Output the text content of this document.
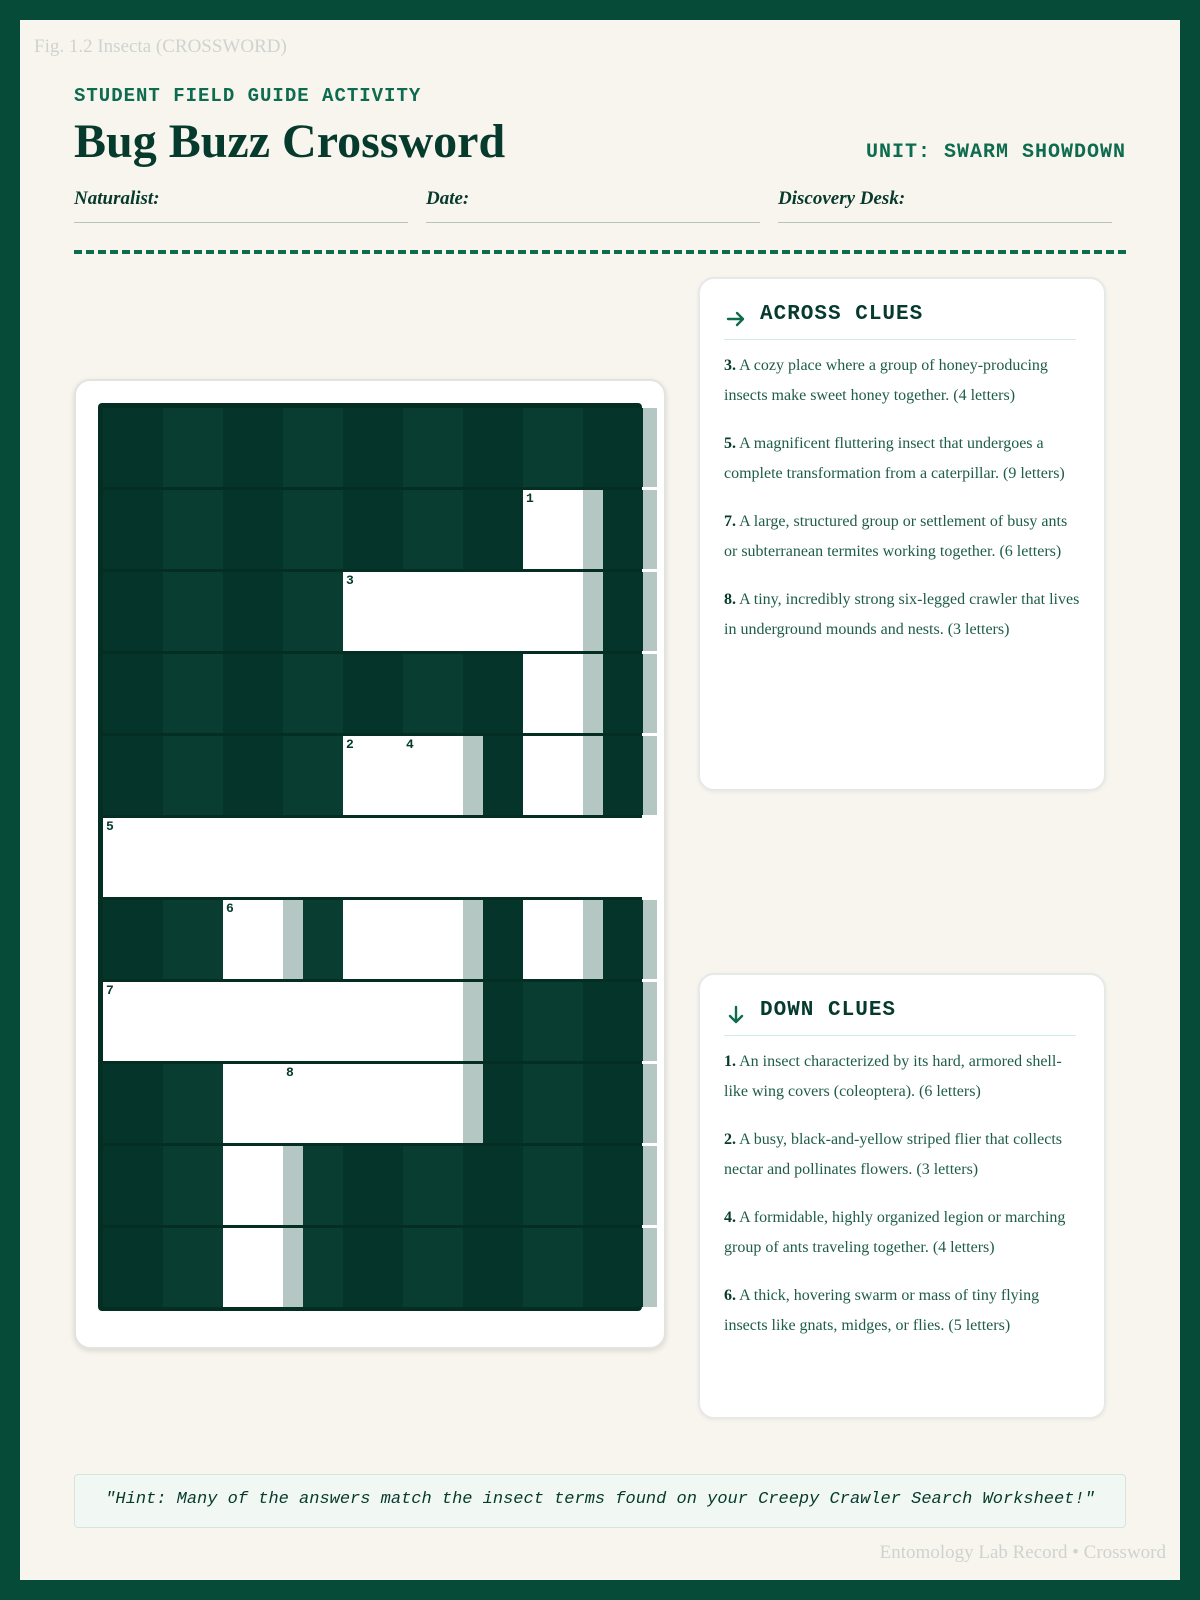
Fig. 1.2 Insecta (CROSSWORD)
STUDENT FIELD GUIDE ACTIVITY
Bug Buzz Crossword	UNIT: SWARM SHOWDOWN
Naturalist:	Date:	Discovery Desk:
1
3
2	4
5
6
7
8
ACROSS CLUES
3. A cozy place where a group of honey-producing insects make sweet honey together. (4 letters)
5. A magnificent fluttering insect that undergoes a complete transformation from a caterpillar. (9 letters)
7. A large, structured group or settlement of busy ants or subterranean termites working together. (6 letters)
8. A tiny, incredibly strong six-legged crawler that lives in underground mounds and nests. (3 letters)
DOWN CLUES
1. An insect characterized by its hard, armored shell-like wing covers (coleoptera). (6 letters)
2. A busy, black-and-yellow striped flier that collects nectar and pollinates flowers. (3 letters)
4. A formidable, highly organized legion or marching group of ants traveling together. (4 letters)
6. A thick, hovering swarm or mass of tiny flying insects like gnats, midges, or flies. (5 letters)
"Hint: Many of the answers match the insect terms found on your Creepy Crawler Search Worksheet!"
Entomology Lab Record • Crossword
